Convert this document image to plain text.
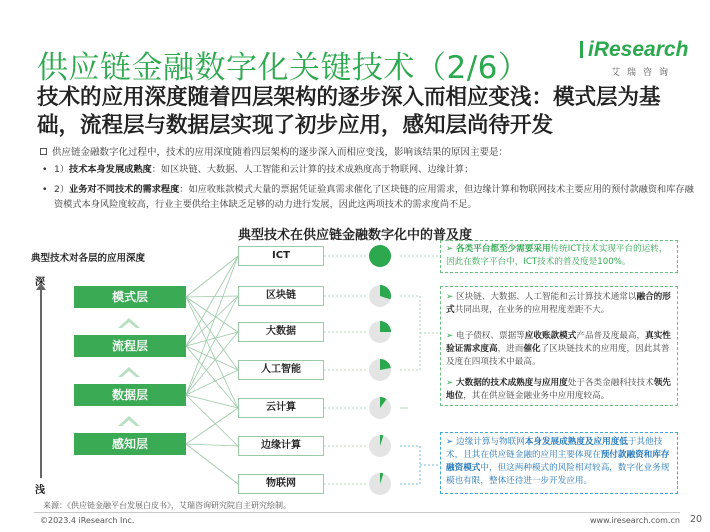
供应链金融数字化关键技术（2/6）
iResearch
艾瑞咨询
技术的应用深度随着四层架构的逐步深入而相应变浅：模式层为基础，流程层与数据层实现了初步应用，感知层尚待开发
供应链金融数字化过程中，技术的应用深度随着四层架构的逐步深入而相应变浅，影响该结果的原因主要是：
• 1）技术本身发展成熟度：如区块链、大数据、人工智能和云计算的技术成熟度高于物联网、边缘计算；
• 2）业务对不同技术的需求程度：如应收账款模式大量的票据凭证验真需求催化了区块链的应用需求，但边缘计算和物联网技术主要应用的预付款融资和库存融资模式本身风险度较高，行业主要供给主体缺乏足够的动力进行发展，因此这两项技术的需求度尚不足。
典型技术在供应链金融数字化中的普及度
典型技术对各层的应用深度
深
浅
模式层
流程层
数据层
感知层
ICT
区块链
大数据
人工智能
云计算
边缘计算
物联网
➢ 各类平台都至少需要采用传统ICT技术实现平台的运转，因此在数字平台中，ICT技术的普及度是100%。
➢ 区块链、大数据、人工智能和云计算技术通常以融合的形式共同出现，在业务的应用程度差距不大。
➢ 电子债权、票据等应收账款模式产品普及度最高，真实性验证需求度高，进而催化了区块链技术的应用度，因此其普及度在四项技术中最高。
➢ 大数据的技术成熟度与应用度处于各类金融科技技术领先地位，其在供应链金融业务中应用度较高。
➢ 边缘计算与物联网本身发展成熟度及应用度低于其他技术，且其在供应链金融的应用主要体现在预付款融资和库存融资模式中，但这两种模式的风险相对较高，数字化业务规模也有限，整体还待进一步开发应用。
来源：《供应链金融平台发展白皮书》，艾瑞咨询研究院自主研究绘制。
©2023.4 iResearch Inc.	www.iresearch.com.cn 20
